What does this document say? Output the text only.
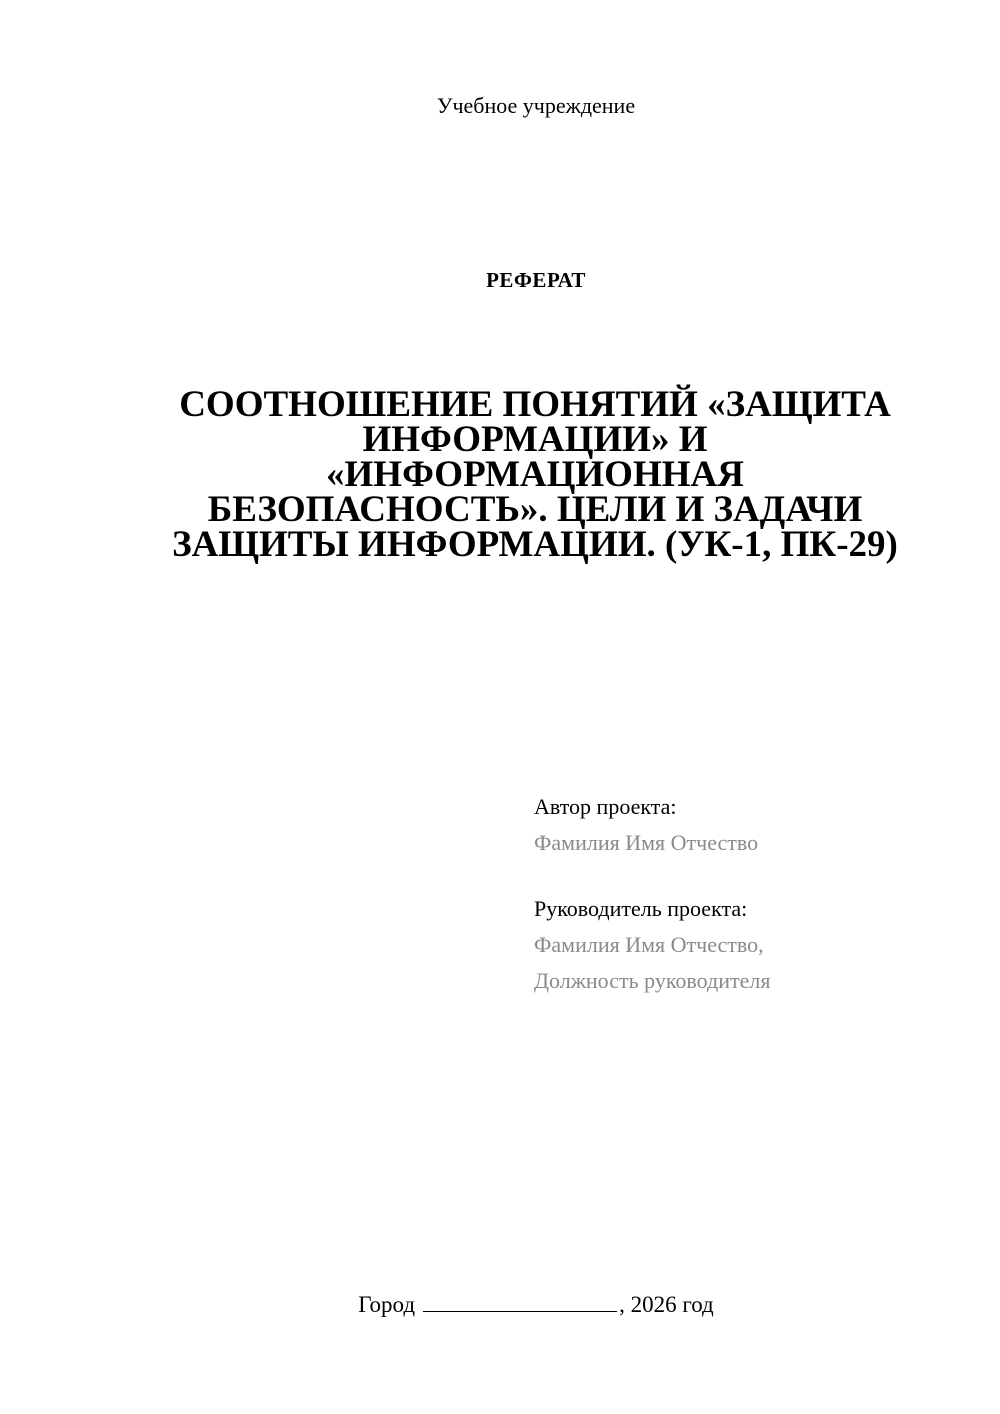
Учебное учреждение
РЕФЕРАТ
СООТНОШЕНИЕ ПОНЯТИЙ «ЗАЩИТА
ИНФОРМАЦИИ» И
«ИНФОРМАЦИОННАЯ
БЕЗОПАСНОСТЬ». ЦЕЛИ И ЗАДАЧИ
ЗАЩИТЫ ИНФОРМАЦИИ. (УК-1, ПК-29)
Автор проекта:
Фамилия Имя Отчество
Руководитель проекта:
Фамилия Имя Отчество,
Должность руководителя
Город	, 2026 год
